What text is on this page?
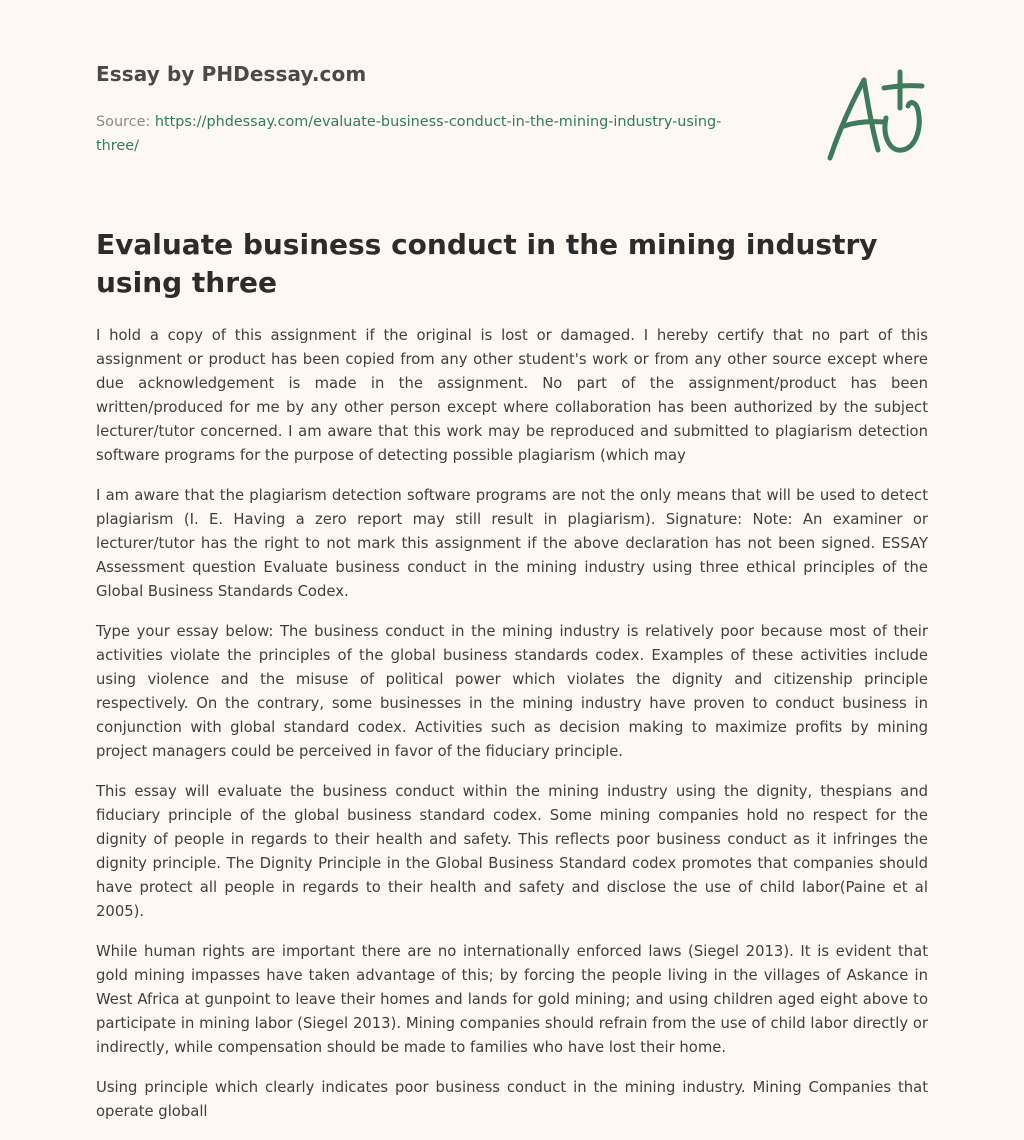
Essay by PHDessay.com
Source: https://phdessay.com/evaluate-business-conduct-in-the-mining-industry-using-three/
Evaluate business conduct in the mining industry using three

I hold a copy of this assignment if the original is lost or damaged. I hereby certify that no part of this assignment or product has been copied from any other student's work or from any other source except where due acknowledgement is made in the assignment. No part of the assignment/product has been written/produced for me by any other person except where collaboration has been authorized by the subject lecturer/tutor concerned. I am aware that this work may be reproduced and submitted to plagiarism detection software programs for the purpose of detecting possible plagiarism (which may

I am aware that the plagiarism detection software programs are not the only means that will be used to detect plagiarism (I. E. Having a zero report may still result in plagiarism). Signature: Note: An examiner or lecturer/tutor has the right to not mark this assignment if the above declaration has not been signed. ESSAY Assessment question Evaluate business conduct in the mining industry using three ethical principles of the Global Business Standards Codex.

Type your essay below: The business conduct in the mining industry is relatively poor because most of their activities violate the principles of the global business standards codex. Examples of these activities include using violence and the misuse of political power which violates the dignity and citizenship principle respectively. On the contrary, some businesses in the mining industry have proven to conduct business in conjunction with global standard codex. Activities such as decision making to maximize profits by mining project managers could be perceived in favor of the fiduciary principle.

This essay will evaluate the business conduct within the mining industry using the dignity, thespians and fiduciary principle of the global business standard codex. Some mining companies hold no respect for the dignity of people in regards to their health and safety. This reflects poor business conduct as it infringes the dignity principle. The Dignity Principle in the Global Business Standard codex promotes that companies should have protect all people in regards to their health and safety and disclose the use of child labor(Paine et al 2005).

While human rights are important there are no internationally enforced laws (Siegel 2013). It is evident that gold mining impasses have taken advantage of this; by forcing the people living in the villages of Askance in West Africa at gunpoint to leave their homes and lands for gold mining; and using children aged eight above to participate in mining labor (Siegel 2013). Mining companies should refrain from the use of child labor directly or indirectly, while compensation should be made to families who have lost their home.

Using principle which clearly indicates poor business conduct in the mining industry. Mining Companies that operate globall
